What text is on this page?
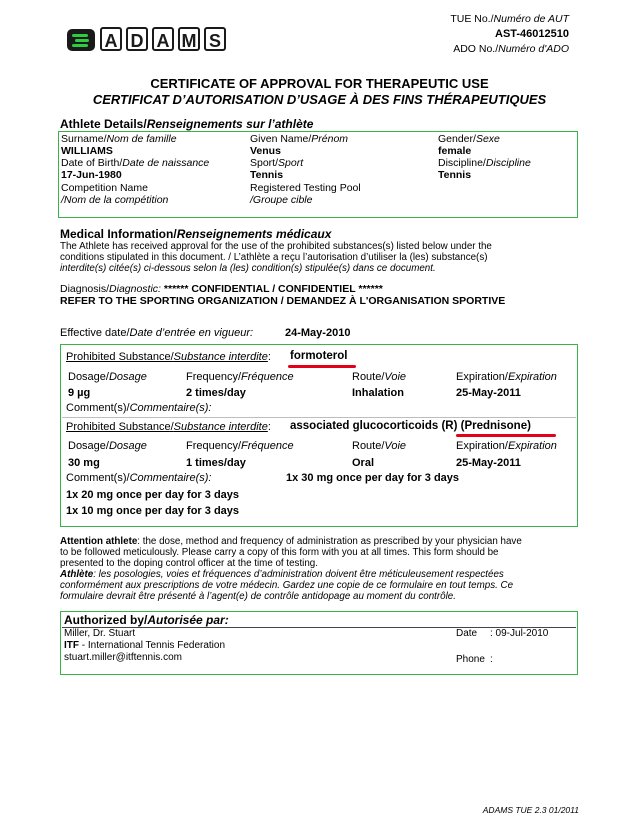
A D A M S
TUE No./Numéro de AUT
AST-46012510
ADO No./Numéro d'ADO
CERTIFICATE OF APPROVAL FOR THERAPEUTIC USE
CERTIFICAT D’AUTORISATION D’USAGE À DES FINS THÉRAPEUTIQUES
Athlete Details/Renseignements sur l’athlète
Surname/Nom de famille
WILLIAMS
Given Name/Prénom
Venus
Gender/Sexe
female
Date of Birth/Date de naissance
17-Jun-1980
Sport/Sport
Tennis
Discipline/Discipline
Tennis
Competition Name
/Nom de la compétition
Registered Testing Pool
/Groupe cible
Medical Information/Renseignements médicaux
The Athlete has received approval for the use of the prohibited substances(s) listed below under the
conditions stipulated in this document. / L’athlète a reçu l’autorisation d’utiliser la (les) substance(s)
interdite(s) citée(s) ci-dessous selon la (les) condition(s) stipulée(s) dans ce document.
Diagnosis/Diagnostic: ****** CONFIDENTIAL / CONFIDENTIEL ******
REFER TO THE SPORTING ORGANIZATION / DEMANDEZ À L'ORGANISATION SPORTIVE
Effective date/Date d’entrée en vigueur:	24-May-2010
Prohibited Substance/Substance interdite: formoterol
Dosage/Dosage
9 µg
Frequency/Fréquence
2 times/day
Route/Voie
Inhalation
Expiration/Expiration
25-May-2011
Comment(s)/Commentaire(s):
Prohibited Substance/Substance interdite: associated glucocorticoids (R) (Prednisone)
Dosage/Dosage
30 mg
Frequency/Fréquence
1 times/day
Route/Voie
Oral
Expiration/Expiration
25-May-2011
Comment(s)/Commentaire(s):	1x 30 mg once per day for 3 days
1x 20 mg once per day for 3 days
1x 10 mg once per day for 3 days
Attention athlete: the dose, method and frequency of administration as prescribed by your physician have
to be followed meticulously. Please carry a copy of this form with you at all times. This form should be
presented to the doping control officer at the time of testing.
Athlète: les posologies, voies et fréquences d’administration doivent être méticuleusement respectées
conformément aux prescriptions de votre médecin. Gardez une copie de ce formulaire en tout temps. Ce
formulaire devrait être présenté à l’agent(e) de contrôle antidopage au moment du contrôle.
Authorized by/Autorisée par:
Miller, Dr. Stuart
ITF - International Tennis Federation
stuart.miller@itftennis.com
Date : 09-Jul-2010
Phone :
ADAMS TUE 2.3 01/2011
